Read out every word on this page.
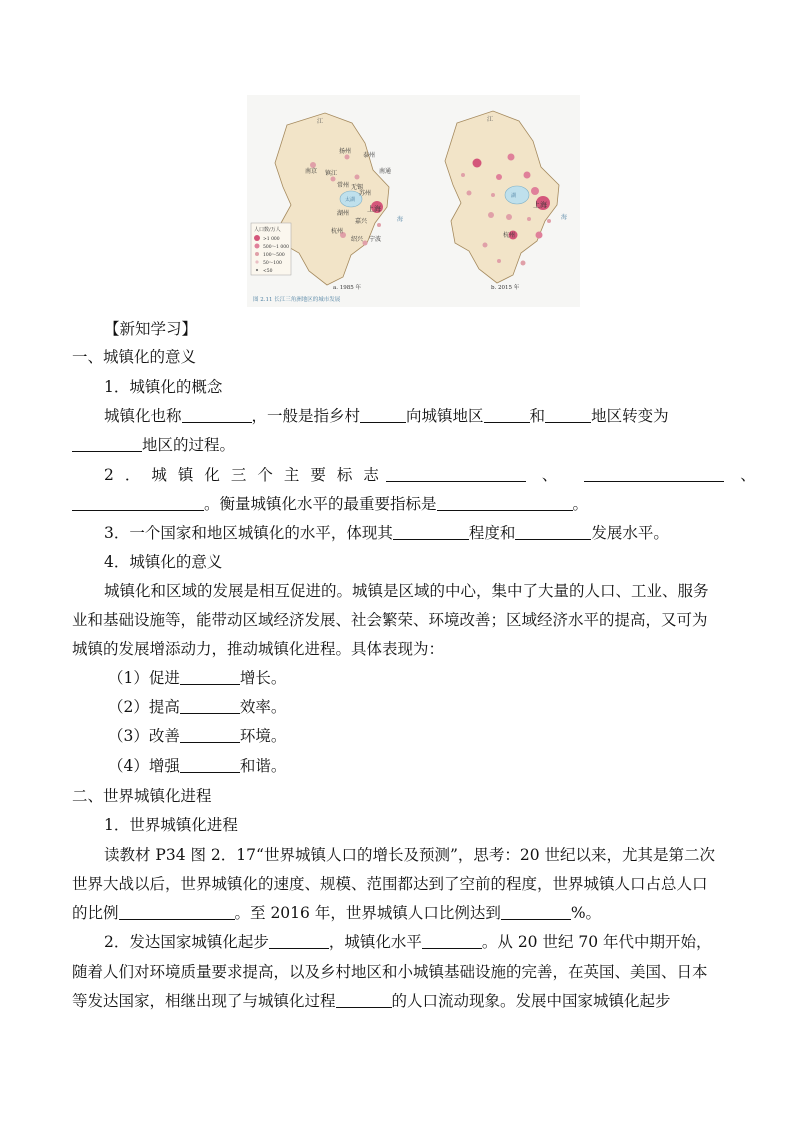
南京
扬州
泰州
南通
镇江
常州 无锡
苏州
上海
湖州
嘉兴
杭州
绍兴 宁波
江
海
太湖
人口数/万人
>1 000
500～1 000
100～500
50～100
<50
a. 1985 年
上海
杭州
江
海
湖
b. 2015 年
图 2.11 长江三角洲地区的城市发展
【新知学习】
一、城镇化的意义
1．城镇化的概念
城镇化也称	，一般是指乡村	向城镇地区	和	地区转变为
地区的过程。
2．城镇化三个主要标志	、	、
。衡量城镇化水平的最重要指标是	。
3．一个国家和地区城镇化的水平，体现其	程度和	发展水平。
4．城镇化的意义
城镇化和区域的发展是相互促进的。城镇是区域的中心，集中了大量的人口、工业、服务
业和基础设施等，能带动区域经济发展、社会繁荣、环境改善；区域经济水平的提高，又可为
城镇的发展增添动力，推动城镇化进程。具体表现为：
（1）促进	增长。
（2）提高	效率。
（3）改善	环境。
（4）增强	和谐。
二、世界城镇化进程
1．世界城镇化进程
读教材 P34 图 2．17“世界城镇人口的增长及预测”，思考：20 世纪以来，尤其是第二次
世界大战以后，世界城镇化的速度、规模、范围都达到了空前的程度，世界城镇人口占总人口
的比例	。至 2016 年，世界城镇人口比例达到	%。
2．发达国家城镇化起步	，城镇化水平	。从 20 世纪 70 年代中期开始，
随着人们对环境质量要求提高，以及乡村地区和小城镇基础设施的完善，在英国、美国、日本
等发达国家，相继出现了与城镇化过程	的人口流动现象。发展中国家城镇化起步
